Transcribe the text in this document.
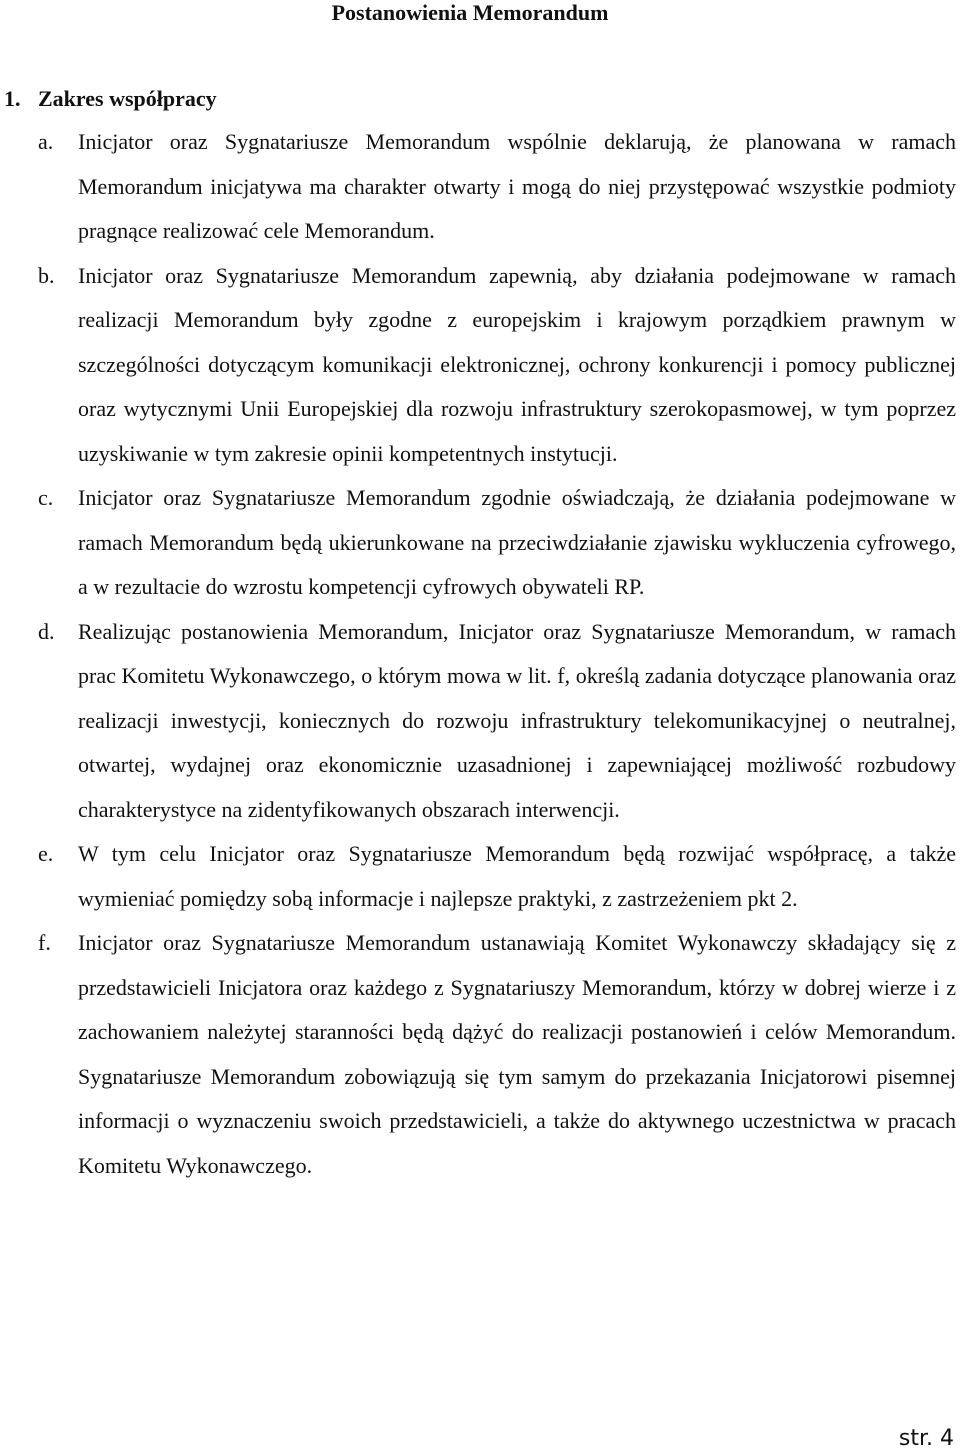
Postanowienia Memorandum
1. Zakres współpracy
a.	Inicjator oraz Sygnatariusze Memorandum wspólnie deklarują, że planowana w ramach Memorandum inicjatywa ma charakter otwarty i mogą do niej przystępować wszystkie podmioty pragnące realizować cele Memorandum.
b.	Inicjator oraz Sygnatariusze Memorandum zapewnią, aby działania podejmowane w ramach realizacji Memorandum były zgodne z europejskim i krajowym porządkiem prawnym w szczególności dotyczącym komunikacji elektronicznej, ochrony konkurencji i pomocy publicznej oraz wytycznymi Unii Europejskiej dla rozwoju infrastruktury szerokopasmowej, w tym poprzez uzyskiwanie w tym zakresie opinii kompetentnych instytucji.
c.	Inicjator oraz Sygnatariusze Memorandum zgodnie oświadczają, że działania podejmowane w ramach Memorandum będą ukierunkowane na przeciwdziałanie zjawisku wykluczenia cyfrowego, a w rezultacie do wzrostu kompetencji cyfrowych obywateli RP.
d.	Realizując postanowienia Memorandum, Inicjator oraz Sygnatariusze Memorandum, w ramach prac Komitetu Wykonawczego, o którym mowa w lit. f, określą zadania dotyczące planowania oraz realizacji inwestycji, koniecznych do rozwoju infrastruktury telekomunikacyjnej o neutralnej, otwartej, wydajnej oraz ekonomicznie uzasadnionej i zapewniającej możliwość rozbudowy charakterystyce na zidentyfikowanych obszarach interwencji.
e.	W tym celu Inicjator oraz Sygnatariusze Memorandum będą rozwijać współpracę, a także wymieniać pomiędzy sobą informacje i najlepsze praktyki, z zastrzeżeniem pkt 2.
f.	Inicjator oraz Sygnatariusze Memorandum ustanawiają Komitet Wykonawczy składający się z przedstawicieli Inicjatora oraz każdego z Sygnatariuszy Memorandum, którzy w dobrej wierze i z zachowaniem należytej staranności będą dążyć do realizacji postanowień i celów Memorandum. Sygnatariusze Memorandum zobowiązują się tym samym do przekazania Inicjatorowi pisemnej informacji o wyznaczeniu swoich przedstawicieli, a także do aktywnego uczestnictwa w pracach Komitetu Wykonawczego.

str. 4
